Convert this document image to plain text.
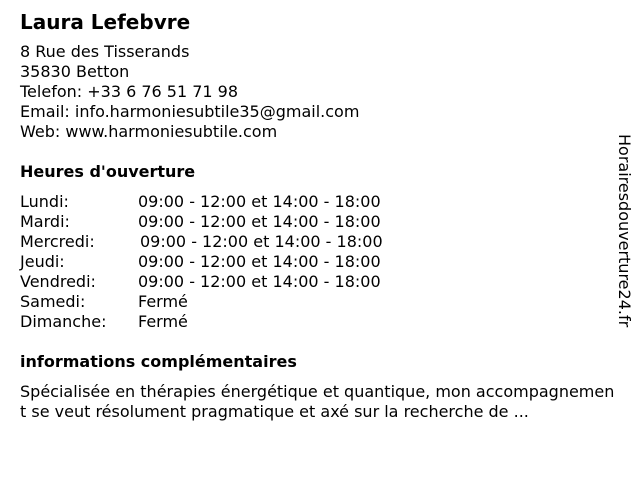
Laura Lefebvre
8 Rue des Tisserands
35830 Betton
Telefon: +33 6 76 51 71 98
Email: info.harmoniesubtile35@gmail.com
Web: www.harmoniesubtile.com
Heures d'ouverture
Lundi:	09:00 - 12:00 et 14:00 - 18:00
Mardi:	09:00 - 12:00 et 14:00 - 18:00
Mercredi:	09:00 - 12:00 et 14:00 - 18:00
Jeudi:	09:00 - 12:00 et 14:00 - 18:00
Vendredi:	09:00 - 12:00 et 14:00 - 18:00
Samedi:	Fermé
Dimanche: Fermé
informations complémentaires
Spécialisée en thérapies énergétique et quantique, mon accompagnement se veut résolument pragmatique et axé sur la recherche de ...
Horairesdouverture24.fr
